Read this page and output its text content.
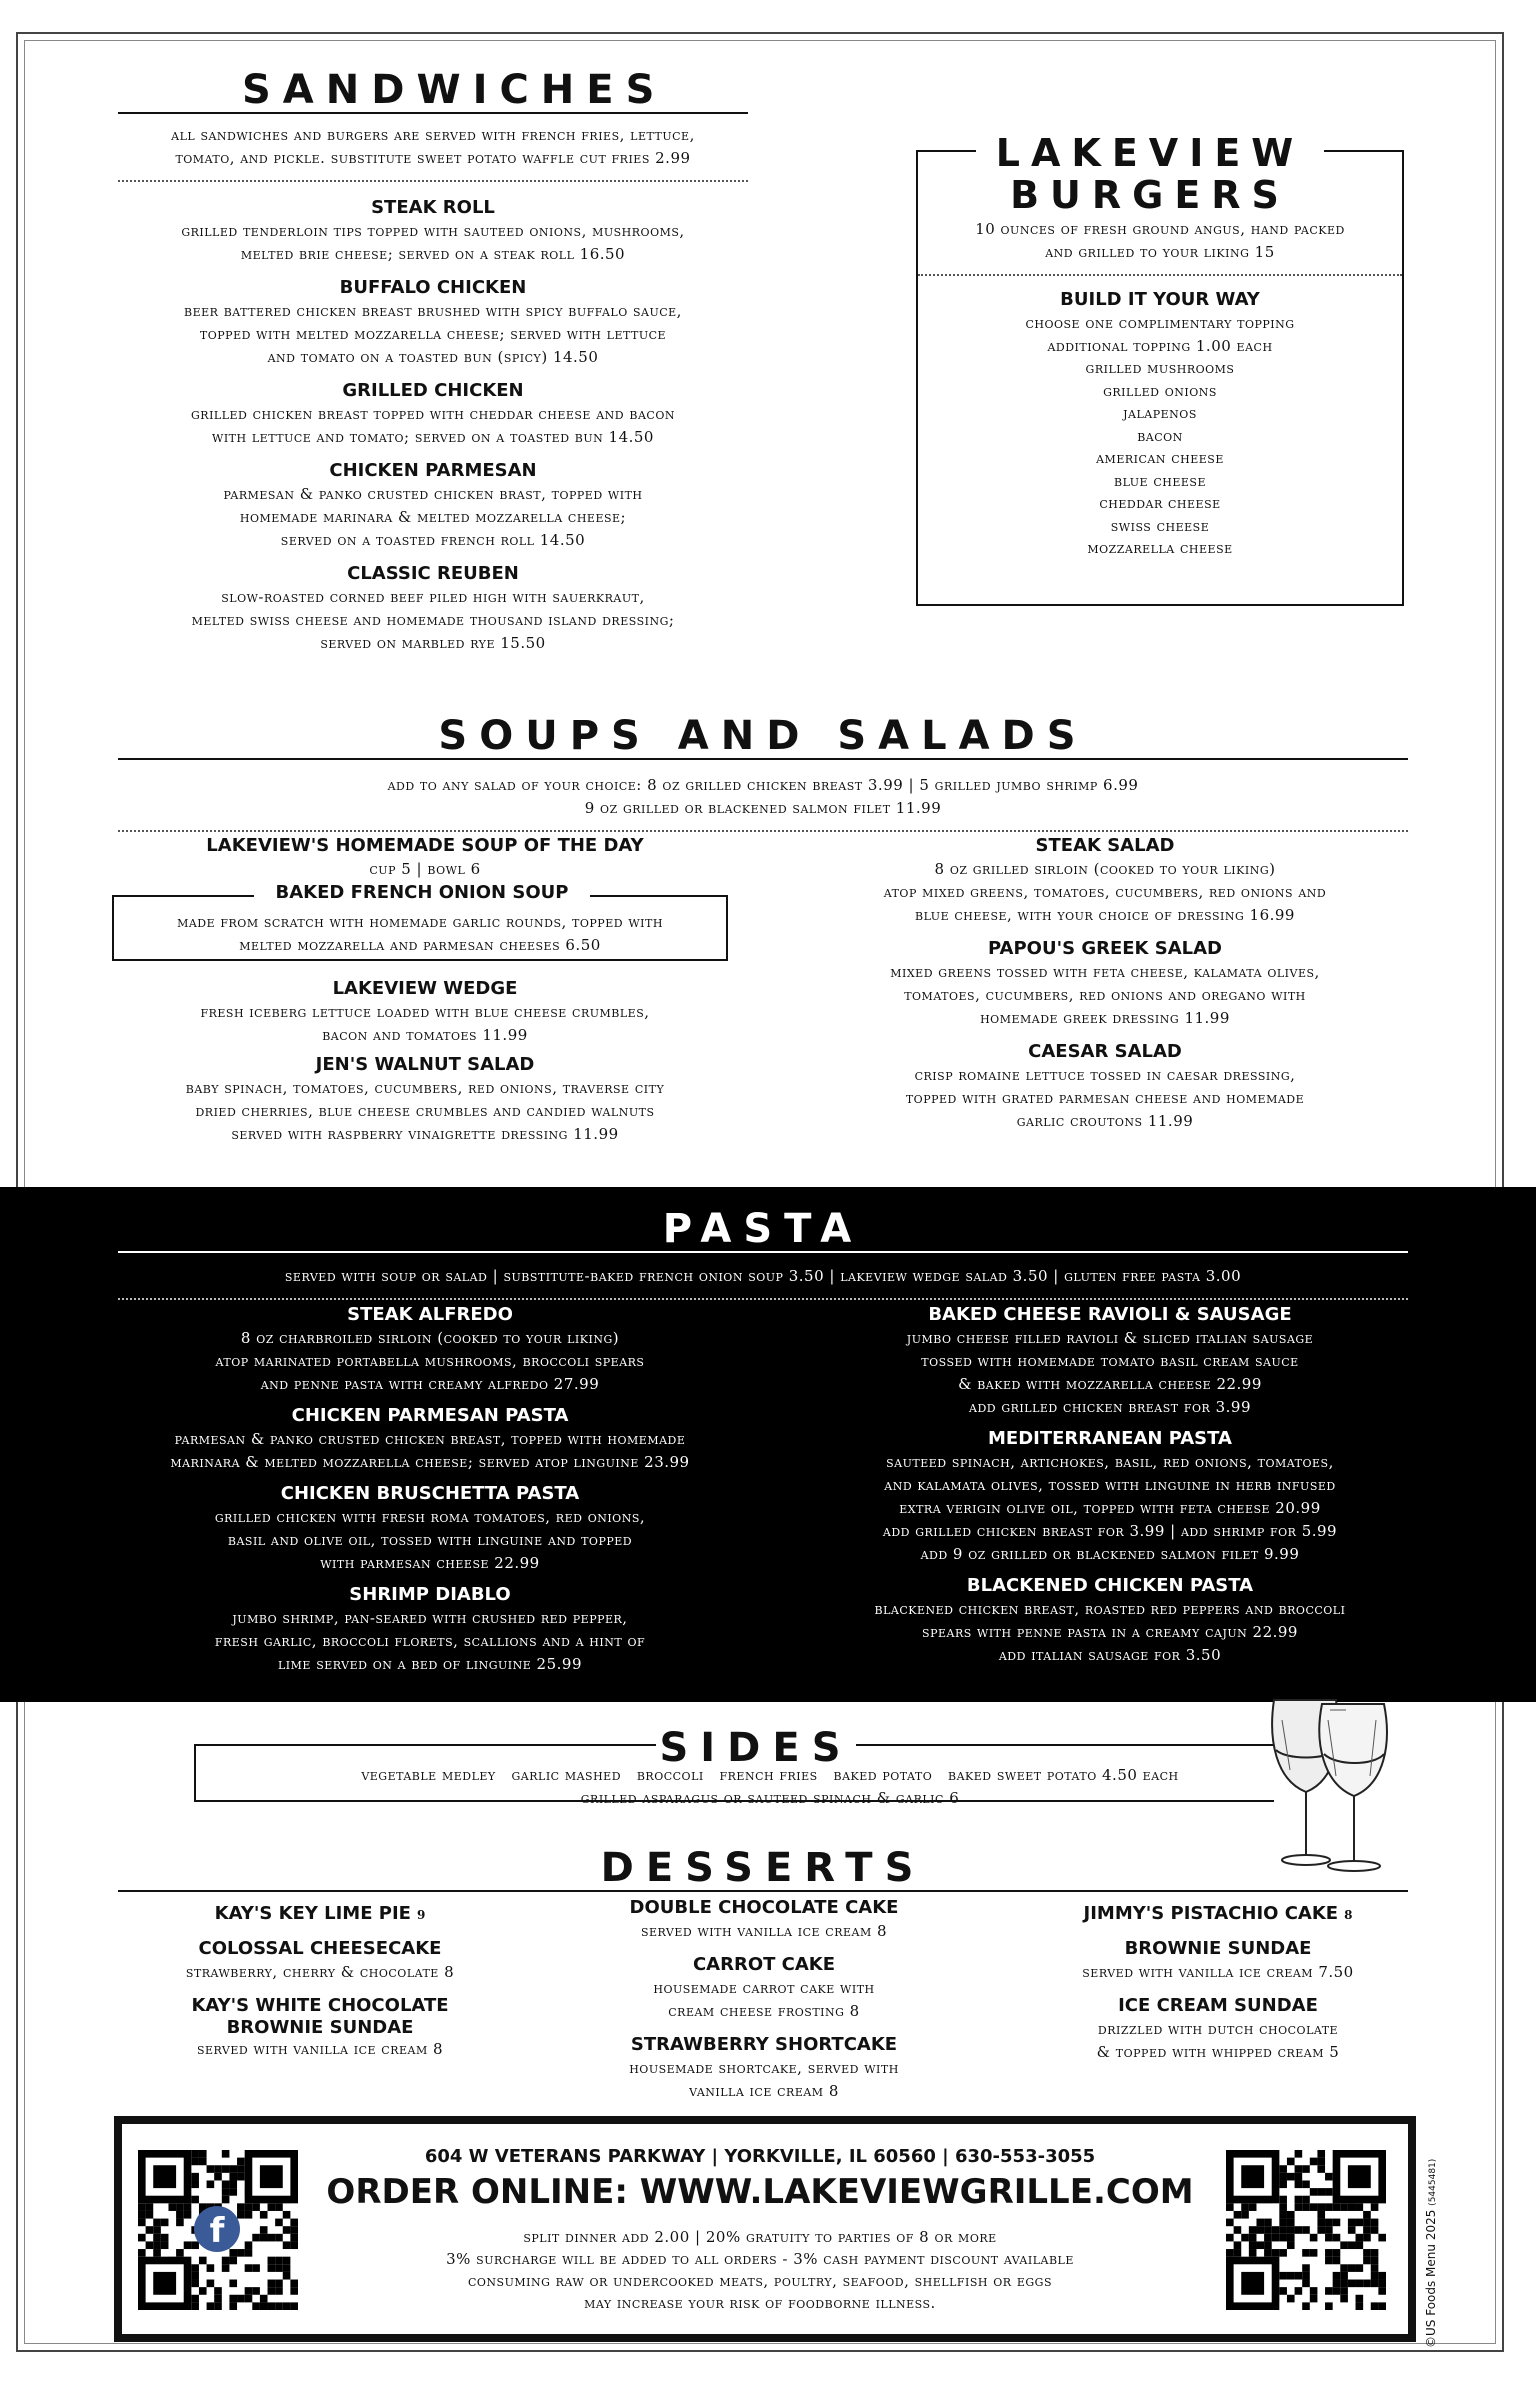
SANDWICHES
all sandwiches and burgers are served with french fries, lettuce,
tomato, and pickle. substitute sweet potato waffle cut fries 2.99
STEAK ROLL
grilled tenderloin tips topped with sauteed onions, mushrooms,
melted brie cheese; served on a steak roll 16.50
BUFFALO CHICKEN
beer battered chicken breast brushed with spicy buffalo sauce,
topped with melted mozzarella cheese; served with lettuce
and tomato on a toasted bun (spicy) 14.50
GRILLED CHICKEN
grilled chicken breast topped with cheddar cheese and bacon
with lettuce and tomato; served on a toasted bun 14.50
CHICKEN PARMESAN
parmesan & panko crusted chicken brast, topped with
homemade marinara & melted mozzarella cheese;
served on a toasted french roll 14.50
CLASSIC REUBEN
slow-roasted corned beef piled high with sauerkraut,
melted swiss cheese and homemade thousand island dressing;
served on marbled rye 15.50
LAKEVIEW
BURGERS
10 ounces of fresh ground angus, hand packed
and grilled to your liking 15
BUILD IT YOUR WAY
choose one complimentary topping
additional topping 1.00 each
grilled mushrooms
grilled onions
jalapenos
bacon
american cheese
blue cheese
cheddar cheese
swiss cheese
mozzarella cheese
SOUPS AND SALADS
add to any salad of your choice: 8 oz grilled chicken breast 3.99 | 5 grilled jumbo shrimp 6.99
9 oz grilled or blackened salmon filet 11.99
LAKEVIEW'S HOMEMADE SOUP OF THE DAY
cup 5 | bowl 6
BAKED FRENCH ONION SOUP
made from scratch with homemade garlic rounds, topped with
melted mozzarella and parmesan cheeses 6.50
LAKEVIEW WEDGE
fresh iceberg lettuce loaded with blue cheese crumbles,
bacon and tomatoes 11.99
JEN'S WALNUT SALAD
baby spinach, tomatoes, cucumbers, red onions, traverse city
dried cherries, blue cheese crumbles and candied walnuts
served with raspberry vinaigrette dressing 11.99
STEAK SALAD
8 oz grilled sirloin (cooked to your liking)
atop mixed greens, tomatoes, cucumbers, red onions and
blue cheese, with your choice of dressing 16.99
PAPOU'S GREEK SALAD
mixed greens tossed with feta cheese, kalamata olives,
tomatoes, cucumbers, red onions and oregano with
homemade greek dressing 11.99
CAESAR SALAD
crisp romaine lettuce tossed in caesar dressing,
topped with grated parmesan cheese and homemade
garlic croutons 11.99
PASTA
served with soup or salad | substitute-baked french onion soup 3.50 | lakeview wedge salad 3.50 | gluten free pasta 3.00
STEAK ALFREDO
8 oz charbroiled sirloin (cooked to your liking)
atop marinated portabella mushrooms, broccoli spears
and penne pasta with creamy alfredo 27.99
CHICKEN PARMESAN PASTA
parmesan & panko crusted chicken breast, topped with homemade
marinara & melted mozzarella cheese; served atop linguine 23.99
CHICKEN BRUSCHETTA PASTA
grilled chicken with fresh roma tomatoes, red onions,
basil and olive oil, tossed with linguine and topped
with parmesan cheese 22.99
SHRIMP DIABLO
jumbo shrimp, pan-seared with crushed red pepper,
fresh garlic, broccoli florets, scallions and a hint of
lime served on a bed of linguine 25.99
BAKED CHEESE RAVIOLI & SAUSAGE
jumbo cheese filled ravioli & sliced italian sausage
tossed with homemade tomato basil cream sauce
& baked with mozzarella cheese 22.99
add grilled chicken breast for 3.99
MEDITERRANEAN PASTA
sauteed spinach, artichokes, basil, red onions, tomatoes,
and kalamata olives, tossed with linguine in herb infused
extra verigin olive oil, topped with feta cheese 20.99
add grilled chicken breast for 3.99 | add shrimp for 5.99
add 9 oz grilled or blackened salmon filet 9.99
BLACKENED CHICKEN PASTA
blackened chicken breast, roasted red peppers and broccoli
spears with penne pasta in a creamy cajun 22.99
add italian sausage for 3.50
SIDES
vegetable medley   garlic mashed   broccoli   french fries   baked potato   baked sweet potato 4.50 each
grilled asparagus or sauteed spinach & garlic 6
DESSERTS
KAY'S KEY LIME PIE 9
COLOSSAL CHEESECAKE
strawberry, cherry & chocolate 8
KAY'S WHITE CHOCOLATE
BROWNIE SUNDAE
served with vanilla ice cream 8
DOUBLE CHOCOLATE CAKE
served with vanilla ice cream 8
CARROT CAKE
housemade carrot cake with
cream cheese frosting 8
STRAWBERRY SHORTCAKE
housemade shortcake, served with
vanilla ice cream 8
JIMMY'S PISTACHIO CAKE 8
BROWNIE SUNDAE
served with vanilla ice cream 7.50
ICE CREAM SUNDAE
drizzled with dutch chocolate
& topped with whipped cream 5
f
604 W VETERANS PARKWAY | YORKVILLE, IL 60560 | 630-553-3055
ORDER ONLINE: WWW.LAKEVIEWGRILLE.COM
split dinner add 2.00 | 20% gratuity to parties of 8 or more
3% surcharge will be added to all orders - 3% cash payment discount available
consuming raw or undercooked meats, poultry, seafood, shellfish or eggs
may increase your risk of foodborne illness.	©US Foods Menu 2025 (5445481)
